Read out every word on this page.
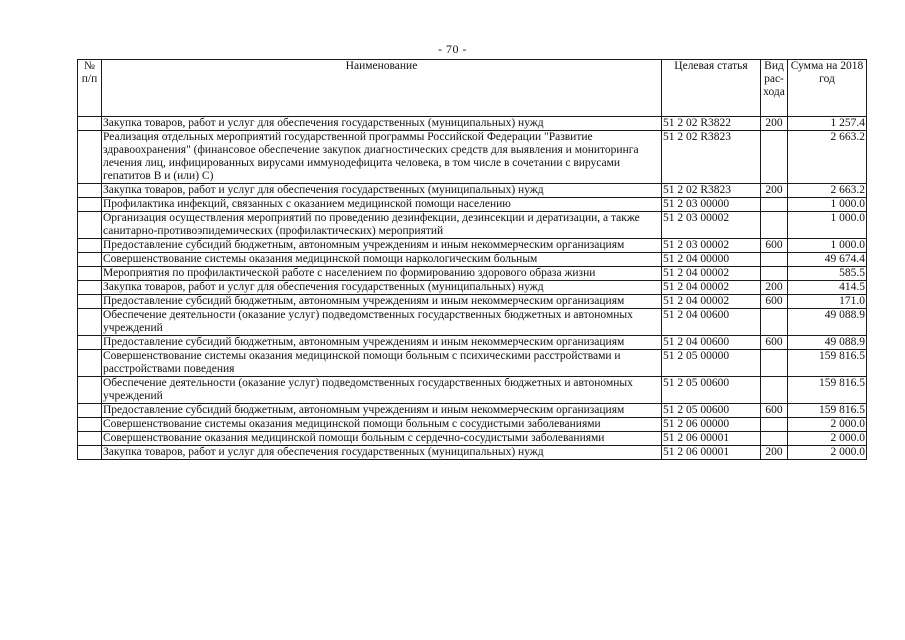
- 70 -
№ п/п	Наименование	Целевая статья	Вид рас- хода	Сумма на 2018 год
	Закупка товаров, работ и услуг для обеспечения государственных (муниципальных) нужд	51 2 02 R3822	200	1 257.4
	Реализация отдельных мероприятий государственной программы Российской Федерации "Развитие здравоохранения" (финансовое обеспечение закупок диагностических средств для выявления и мониторинга лечения лиц, инфицированных вирусами иммунодефицита человека, в том числе в сочетании с вирусами гепатитов В и (или) С)	51 2 02 R3823		2 663.2
	Закупка товаров, работ и услуг для обеспечения государственных (муниципальных) нужд	51 2 02 R3823	200	2 663.2
	Профилактика инфекций, связанных с оказанием медицинской помощи населению	51 2 03 00000		1 000.0
	Организация осуществления мероприятий по проведению дезинфекции, дезинсекции и дератизации, а также санитарно-противоэпидемических (профилактических) мероприятий	51 2 03 00002		1 000.0
	Предоставление субсидий бюджетным, автономным учреждениям и иным некоммерческим организациям	51 2 03 00002	600	1 000.0
	Совершенствование системы оказания медицинской помощи наркологическим больным	51 2 04 00000		49 674.4
	Мероприятия по профилактической работе с населением по формированию здорового образа жизни	51 2 04 00002		585.5
	Закупка товаров, работ и услуг для обеспечения государственных (муниципальных) нужд	51 2 04 00002	200	414.5
	Предоставление субсидий бюджетным, автономным учреждениям и иным некоммерческим организациям	51 2 04 00002	600	171.0
	Обеспечение деятельности (оказание услуг) подведомственных государственных бюджетных и автономных учреждений	51 2 04 00600		49 088.9
	Предоставление субсидий бюджетным, автономным учреждениям и иным некоммерческим организациям	51 2 04 00600	600	49 088.9
	Совершенствование системы оказания медицинской помощи больным с психическими расстройствами и расстройствами поведения	51 2 05 00000		159 816.5
	Обеспечение деятельности (оказание услуг) подведомственных государственных бюджетных и автономных учреждений	51 2 05 00600		159 816.5
	Предоставление субсидий бюджетным, автономным учреждениям и иным некоммерческим организациям	51 2 05 00600	600	159 816.5
	Совершенствование системы оказания медицинской помощи больным с сосудистыми заболеваниями	51 2 06 00000		2 000.0
	Совершенствование оказания медицинской помощи больным с сердечно-сосудистыми заболеваниями	51 2 06 00001		2 000.0
	Закупка товаров, работ и услуг для обеспечения государственных (муниципальных) нужд	51 2 06 00001	200	2 000.0
